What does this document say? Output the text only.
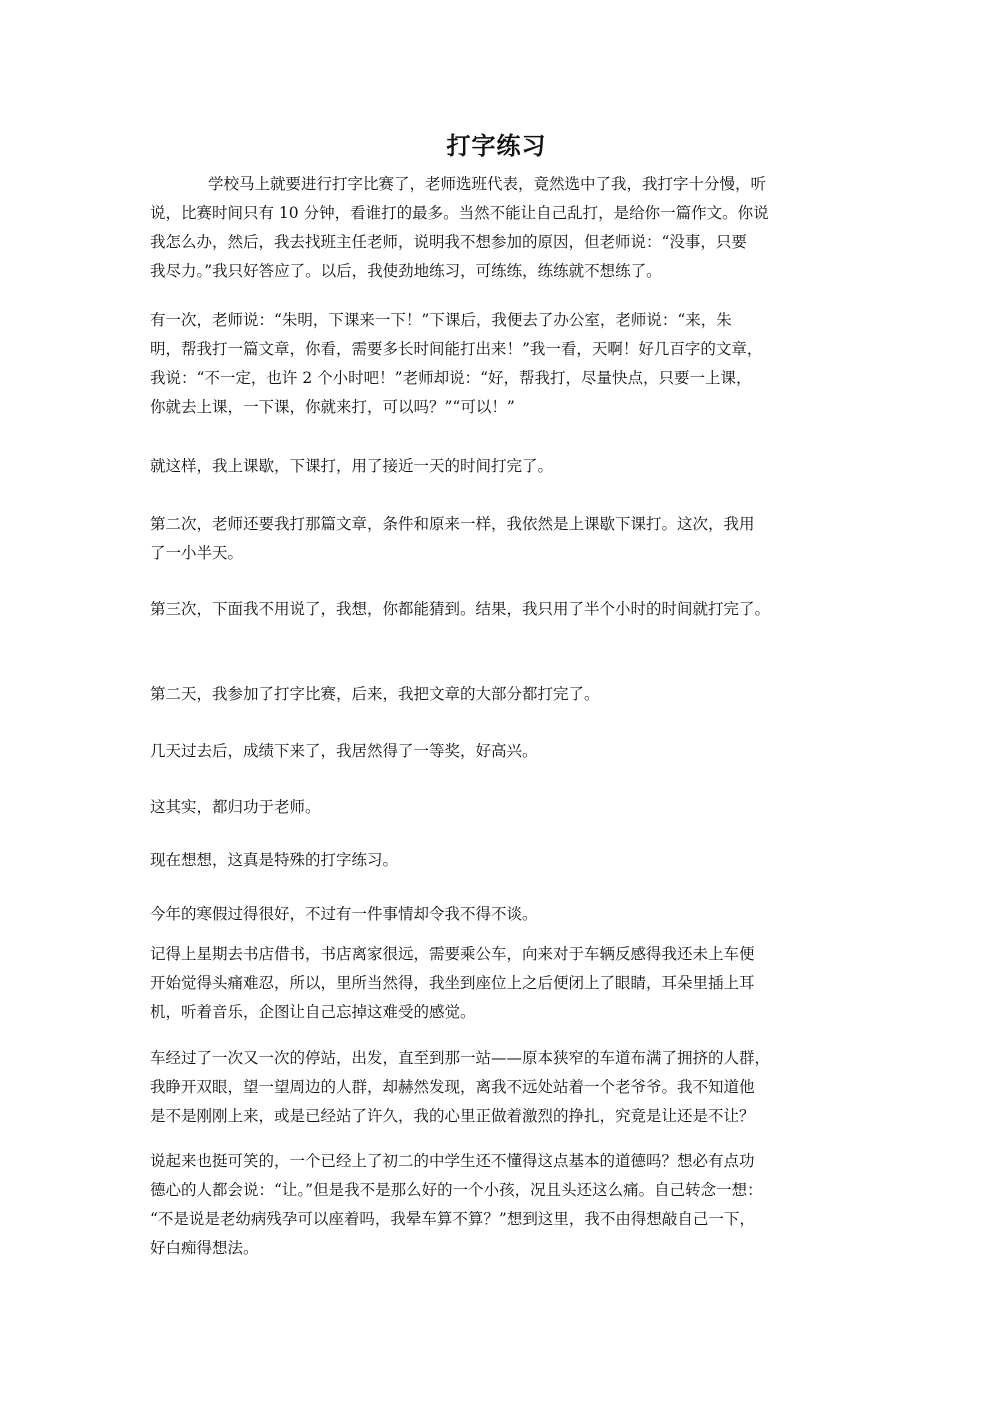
打字练习
学校马上就要进行打字比赛了，老师选班代表，竟然选中了我，我打字十分慢，听
说，比赛时间只有 10 分钟，看谁打的最多。当然不能让自己乱打，是给你一篇作文。你说
我怎么办，然后，我去找班主任老师，说明我不想参加的原因，但老师说：“没事，只要
我尽力。”我只好答应了。以后，我使劲地练习，可练练，练练就不想练了。
有一次，老师说：“朱明，下课来一下！”下课后，我便去了办公室，老师说：“来，朱
明，帮我打一篇文章，你看，需要多长时间能打出来！”我一看，天啊！好几百字的文章，
我说：“不一定，也许 2 个小时吧！”老师却说：“好，帮我打，尽量快点，只要一上课，
你就去上课，一下课，你就来打，可以吗？”“可以！”
就这样，我上课歇，下课打，用了接近一天的时间打完了。
第二次，老师还要我打那篇文章，条件和原来一样，我依然是上课歇下课打。这次，我用
了一小半天。
第三次，下面我不用说了，我想，你都能猜到。结果，我只用了半个小时的时间就打完了。
第二天，我参加了打字比赛，后来，我把文章的大部分都打完了。
几天过去后，成绩下来了，我居然得了一等奖，好高兴。
这其实，都归功于老师。
现在想想，这真是特殊的打字练习。
今年的寒假过得很好，不过有一件事情却令我不得不谈。
记得上星期去书店借书，书店离家很远，需要乘公车，向来对于车辆反感得我还未上车便
开始觉得头痛难忍，所以，里所当然得，我坐到座位上之后便闭上了眼睛，耳朵里插上耳
机，听着音乐，企图让自己忘掉这难受的感觉。
车经过了一次又一次的停站，出发，直至到那一站——原本狭窄的车道布满了拥挤的人群，
我睁开双眼，望一望周边的人群，却赫然发现，离我不远处站着一个老爷爷。我不知道他
是不是刚刚上来，或是已经站了许久，我的心里正做着激烈的挣扎，究竟是让还是不让？
说起来也挺可笑的，一个已经上了初二的中学生还不懂得这点基本的道德吗？想必有点功
德心的人都会说：“让。”但是我不是那么好的一个小孩，况且头还这么痛。自己转念一想：
“不是说是老幼病残孕可以座着吗，我晕车算不算？”想到这里，我不由得想敲自己一下，
好白痴得想法。
